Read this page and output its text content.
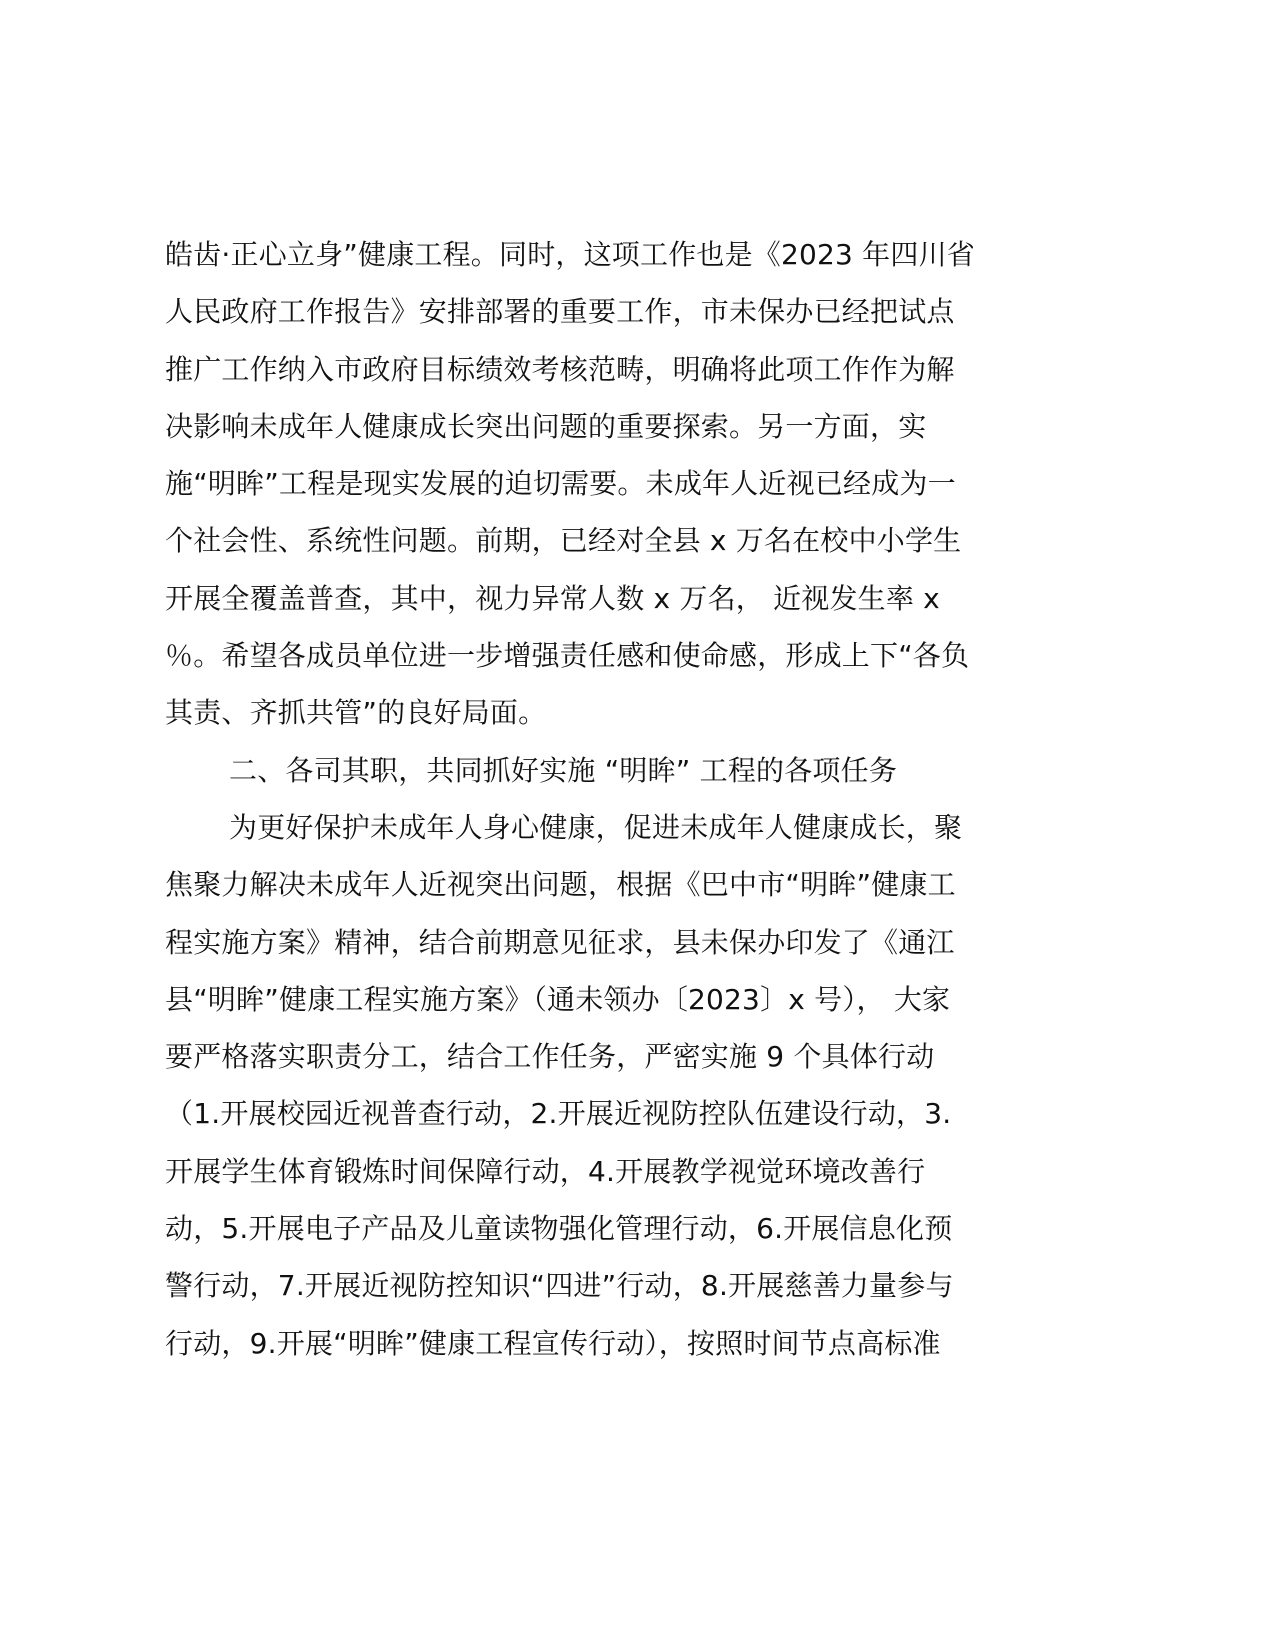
皓齿·正心立身”健康工程。同时，这项工作也是《2023 年四川省
人民政府工作报告》安排部署的重要工作，市未保办已经把试点
推广工作纳入市政府目标绩效考核范畴，明确将此项工作作为解
决影响未成年人健康成长突出问题的重要探索。另一方面，实
施“明眸”工程是现实发展的迫切需要。未成年人近视已经成为一
个社会性、系统性问题。前期，已经对全县 x 万名在校中小学生
开展全覆盖普查，其中，视力异常人数 x 万名， 近视发生率 x
％。希望各成员单位进一步增强责任感和使命感，形成上下“各负
其责、齐抓共管”的良好局面。
二、各司其职，共同抓好实施 “明眸” 工程的各项任务
为更好保护未成年人身心健康，促进未成年人健康成长，聚
焦聚力解决未成年人近视突出问题，根据《巴中市“明眸”健康工
程实施方案》精神，结合前期意见征求，县未保办印发了《通江
县“明眸”健康工程实施方案》（通未领办〔2023〕x 号）， 大家
要严格落实职责分工，结合工作任务，严密实施 9 个具体行动
（1.开展校园近视普查行动，2.开展近视防控队伍建设行动，3.
开展学生体育锻炼时间保障行动，4.开展教学视觉环境改善行
动，5.开展电子产品及儿童读物强化管理行动，6.开展信息化预
警行动，7.开展近视防控知识“四进”行动，8.开展慈善力量参与
行动，9.开展“明眸”健康工程宣传行动），按照时间节点高标准
